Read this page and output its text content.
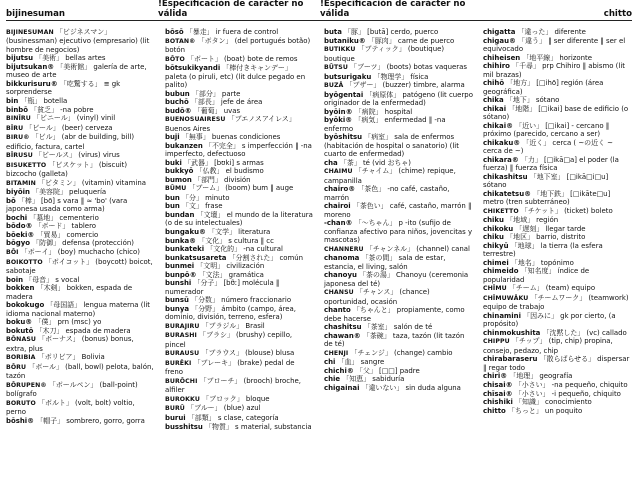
bijinesuman
!Especificación de carácter no válida
!Especificación de carácter no válida	chitto
BIJINESUMAN 「ビジネスマン」 (businessman) ejecutivo (empresario) (lit hombre de negocios)
bijutsu 「美術」 bellas artes
bijutsukan® 「美術館」 galería de arte, museo de arte
bikkurisuru® 「吃驚する」 ≡ gk sorprenderse
bin 「瓶」 botella
binbō 「貧乏」 -na pobre
BINĪRU 「ビニール」 (vinyl) vinil
BĪRU 「ビール」 (beer) cerveza
BIRU® 「ビル」 (abr de building, bill) edificio, factura, cartel
BĪRUSU 「ビールス」 (virus) virus
BISUKETTO 「ビスケット」 (biscuit) bizcocho (galleta)
BITAMIN 「ビタミン」 (vitamin) vitamina
biyōin 「美容院」 peluquería
bō 「棒」 [bō] s vara ‖ ≈ 'bo' (vara japonesa usada como arma)
bochi 「墓地」 cementerio
bōdo® 「ボード」 tablero
bōeki® 「貿易」 comercio
bōgyo 「防御」 defensa (protección)
BŌI 「ボーイ」 (boy) muchacho (chico)
BOIKOTTO 「ボイコット」 (boycott) boicot, sabotaje
boin 「母音」 s vocal
bokken 「木剣」 bokken, espada de madera
bokokugo 「母国語」 lengua materna (lit idioma nacional materno)
boku® 「僕」 prn (msc) yo
bokutō 「木刀」 espada de madera
BŌNASU 「ボーナス」 (bonus) bonus, extra, plus
BORIBIA 「ボリビア」 Bolivia
BŌRU 「ボール」 (ball, bowl) pelota, balón, tazón
BŌRUPEN® 「ボールペン」 (ball-point) bolígrafo
BORUTO 「ボルト」 (volt, bolt) voltio, perno
bōshi® 「帽子」 sombrero, gorro, gorra
bōsō 「暴走」 ir fuera de control
BOTAN® 「ボタン」 (del portugués botão) botón
BŌTO 「ボート」 (boat) bote de remos
bōtsukikyandi 「棒付きキャンデー」 paleta (o piruli, etc) (lit dulce pegado en palito)
bubun 「部分」 parte
buchō 「部長」 jefe de área
budō® 「葡萄」 uvas
BUENOSUAIRESU 「ブエノスアイレス」 Buenos Aires
buji 「無事」 buenas condiciones
bukanzen 「不完全」 s imperfección ‖ -na imperfecto, defectuoso
buki 「武器」 [bʊki] s armas
bukkyō 「仏教」 el budismo
bumon 「部門」 división
BŪMU 「ブーム」 (boom) bum ‖ auge
bun 「分」 minuto
bun 「文」 frase
bundan 「文壇」 el mundo de la literatura (o de su intelectuales)
bungaku® 「文学」 literatura
bunka® 「文化」 s cultura ‖ cc
bunkateki 「文化的」 -na cultural
bunkatsusareta 「分割された」 común
bunmei 「文明」 civilización
bunpō® 「文法」 gramática
bunshi 「分子」 [bʊ̃ː] molécula ‖ numerador
bunsū 「分数」 número fraccionario
bunya 「分野」 ámbito (campo, área, dominio, división, terreno, esfera)
BURAJIRU 「ブラジル」 Brasil
BURASHI 「ブラシ」 (brushy) cepillo, pincel
BURAUSU 「ブラウス」 (blouse) blusa
BURĒKI 「ブレーキ」 (brake) pedal de freno
BURŌCHI 「ブローチ」 (brooch) broche, alfiler
BUROKKU 「ブロック」 bloque
BURŪ 「ブルー」 (blue) azul
burui 「部類」 s clase, categoría
busshitsu 「物質」 s material, substancia
buta 「豚」 [butā] cerdo, puerco
butaniku® 「豚肉」 carne de puerco
BUTIKKU 「ブティック」 (boutique) boutique
BŪTSU 「ブーツ」 (boots) botas vaqueras
butsurigaku 「物理学」 física
BUZĀ 「ブザー」 (buzzer) timbre, alarma
byōgentai 「病原体」 patógeno (lit cuerpo originador de la enfermedad)
byōin® 「病院」 hospital
byōki® 「病気」 enfermedad ‖ -na enfermo
byōshitsu 「病室」 sala de enfermos (habitación de hospital o sanatorio) (lit cuarto de enfermedad)
cha 「茶」 té (vid おちゃ)
CHAIMU 「チャイム」 (chime) repique, campanilla
chairo® 「茶色」 -no café, castaño, marrón
chairoi 「茶色い」 café, castaño, marrón ‖ moreno
-chan® 「～ちゃん」 p -ito (sufijo de confianza afectivo para niños, jovencitas y mascotas)
CHANNERU 「チャンネル」 (channel) canal
chanoma 「茶の間」 sala de estar, estancia, el living, salón
chanoyu 「茶の湯」 Chanoyu (ceremonia japonesa del té)
CHANSU 「チャンス」 (chance) oportunidad, ocasión
chanto 「ちゃんと」 propiamente, como debe hacerse
chashitsu 「茶室」 salón de té
chawan® 「茶碗」 taza, tazón (lit tazón de té)
CHENJI 「チェンジ」 (change) cambio
chi 「血」 sangre
chichi® 「父」 [□□] padre
chie 「知恵」 sabiduría
chigainai 「違いない」 sin duda alguna
chigatta 「違った」 diferente
chigau® 「違う」 ‖ ser diferente ‖ ser el equivocado
chiheisen 「地平線」 horizonte
chihiro 「千尋」 prp Chihiro ‖ abismo (lit mil brazas)
chihō 「地方」 [□ihō] región (área geográfica)
chika 「地下」 sótano
chikai 「地階」 [□ikai] base de edificio (o sótano)
chikai® 「近い」 [□ikai] - cercano ‖ próximo (parecido, cercano a ser)
chikaku® 「近く」 cerca ( ~の近く ~ cerca de ~)
chikara® 「力」 [□ikā□a] el poder (la fuerza) ‖ fuerza física
chikashitsu 「地下室」 [□ikā□i□u] sótano
chikatetsu® 「地下鉄」 [□ikāte□u] metro (tren subterráneo)
CHIKETTO 「チケット」 (ticket) boleto
chiku 「地域」 región
chikoku 「遅刻」 llegar tarde
chiku 「地区」 barrio, distrito
chikyū 「地球」 la tierra (la esfera terrestre)
chimei 「地名」 topónimo
chimeido 「知名度」 índice de popularidad
CHĪMU 「チーム」 (team) equipo
CHĪMUWĀKU 「チームワーク」 (teamwork) equipo de trabajo
chinamini 「因みに」 gk por cierto, (a propósito)
chinmokushita 「沈黙した」 (vc) callado
CHIPPU 「チップ」 (tip, chip) propina, consejo, pedazo, chip
chirabaraseru 「散らばらせる」 dispersar ‖ regar todo
chiri® 「地理」 geografía
chisai® 「小さい」 -na pequeño, chiquito
chīsai® 「小さい」 -i pequeño, chiquito
chishiki 「知識」 conocimiento
chitto 「ちっと」 un poquito
